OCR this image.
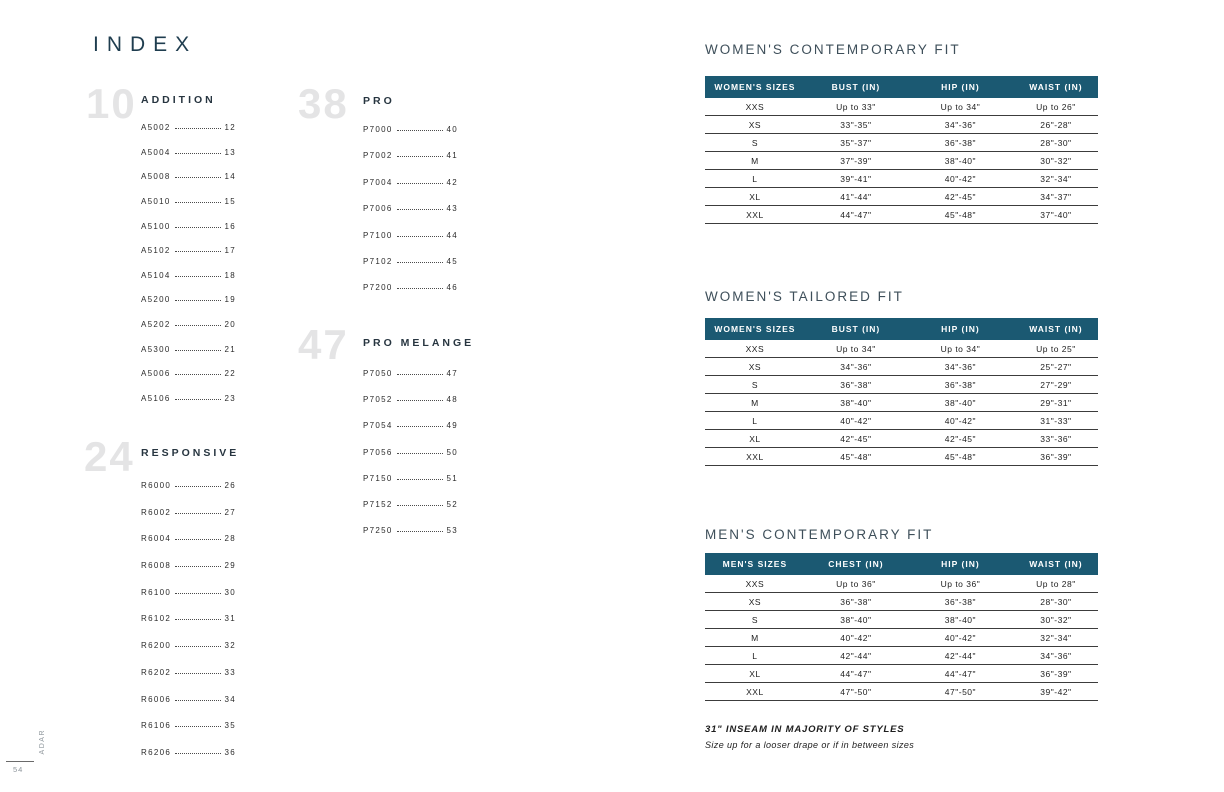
INDEX
10 ADDITION
A5002	12
A5004	13
A5008	14
A5010	15
A5100	16
A5102	17
A5104	18
A5200	19
A5202	20
A5300	21
A5006	22
A5106	23
24 RESPONSIVE
R6000	26
R6002	27
R6004	28
R6008	29
R6100	30
R6102	31
R6200	32
R6202	33
R6006	34
R6106	35
R6206	36
38 PRO
P7000	40
P7002	41
P7004	42
P7006	43
P7100	44
P7102	45
P7200	46
47 PRO MELANGE
P7050	47
P7052	48
P7054	49
P7056	50
P7150	51
P7152	52
P7250	53
WOMEN'S CONTEMPORARY FIT
WOMEN'S SIZES	BUST (IN)	HIP (IN)	WAIST (IN)
XXS	Up to 33"	Up to 34"	Up to 26"
XS	33"-35"	34"-36"	26"-28"
S	35"-37"	36"-38"	28"-30"
M	37"-39"	38"-40"	30"-32"
L	39"-41"	40"-42"	32"-34"
XL	41"-44"	42"-45"	34"-37"
XXL	44"-47"	45"-48"	37"-40"
WOMEN'S TAILORED FIT
WOMEN'S SIZES	BUST (IN)	HIP (IN)	WAIST (IN)
XXS	Up to 34"	Up to 34"	Up to 25"
XS	34"-36"	34"-36"	25"-27"
S	36"-38"	36"-38"	27"-29"
M	38"-40"	38"-40"	29"-31"
L	40"-42"	40"-42"	31"-33"
XL	42"-45"	42"-45"	33"-36"
XXL	45"-48"	45"-48"	36"-39"
MEN'S CONTEMPORARY FIT
MEN'S SIZES	CHEST (IN)	HIP (IN)	WAIST (IN)
XXS	Up to 36"	Up to 36"	Up to 28"
XS	36"-38"	36"-38"	28"-30"
S	38"-40"	38"-40"	30"-32"
M	40"-42"	40"-42"	32"-34"
L	42"-44"	42"-44"	34"-36"
XL	44"-47"	44"-47"	36"-39"
XXL	47"-50"	47"-50"	39"-42"
31" INSEAM IN MAJORITY OF STYLES
Size up for a looser drape or if in between sizes
ADAR
54
